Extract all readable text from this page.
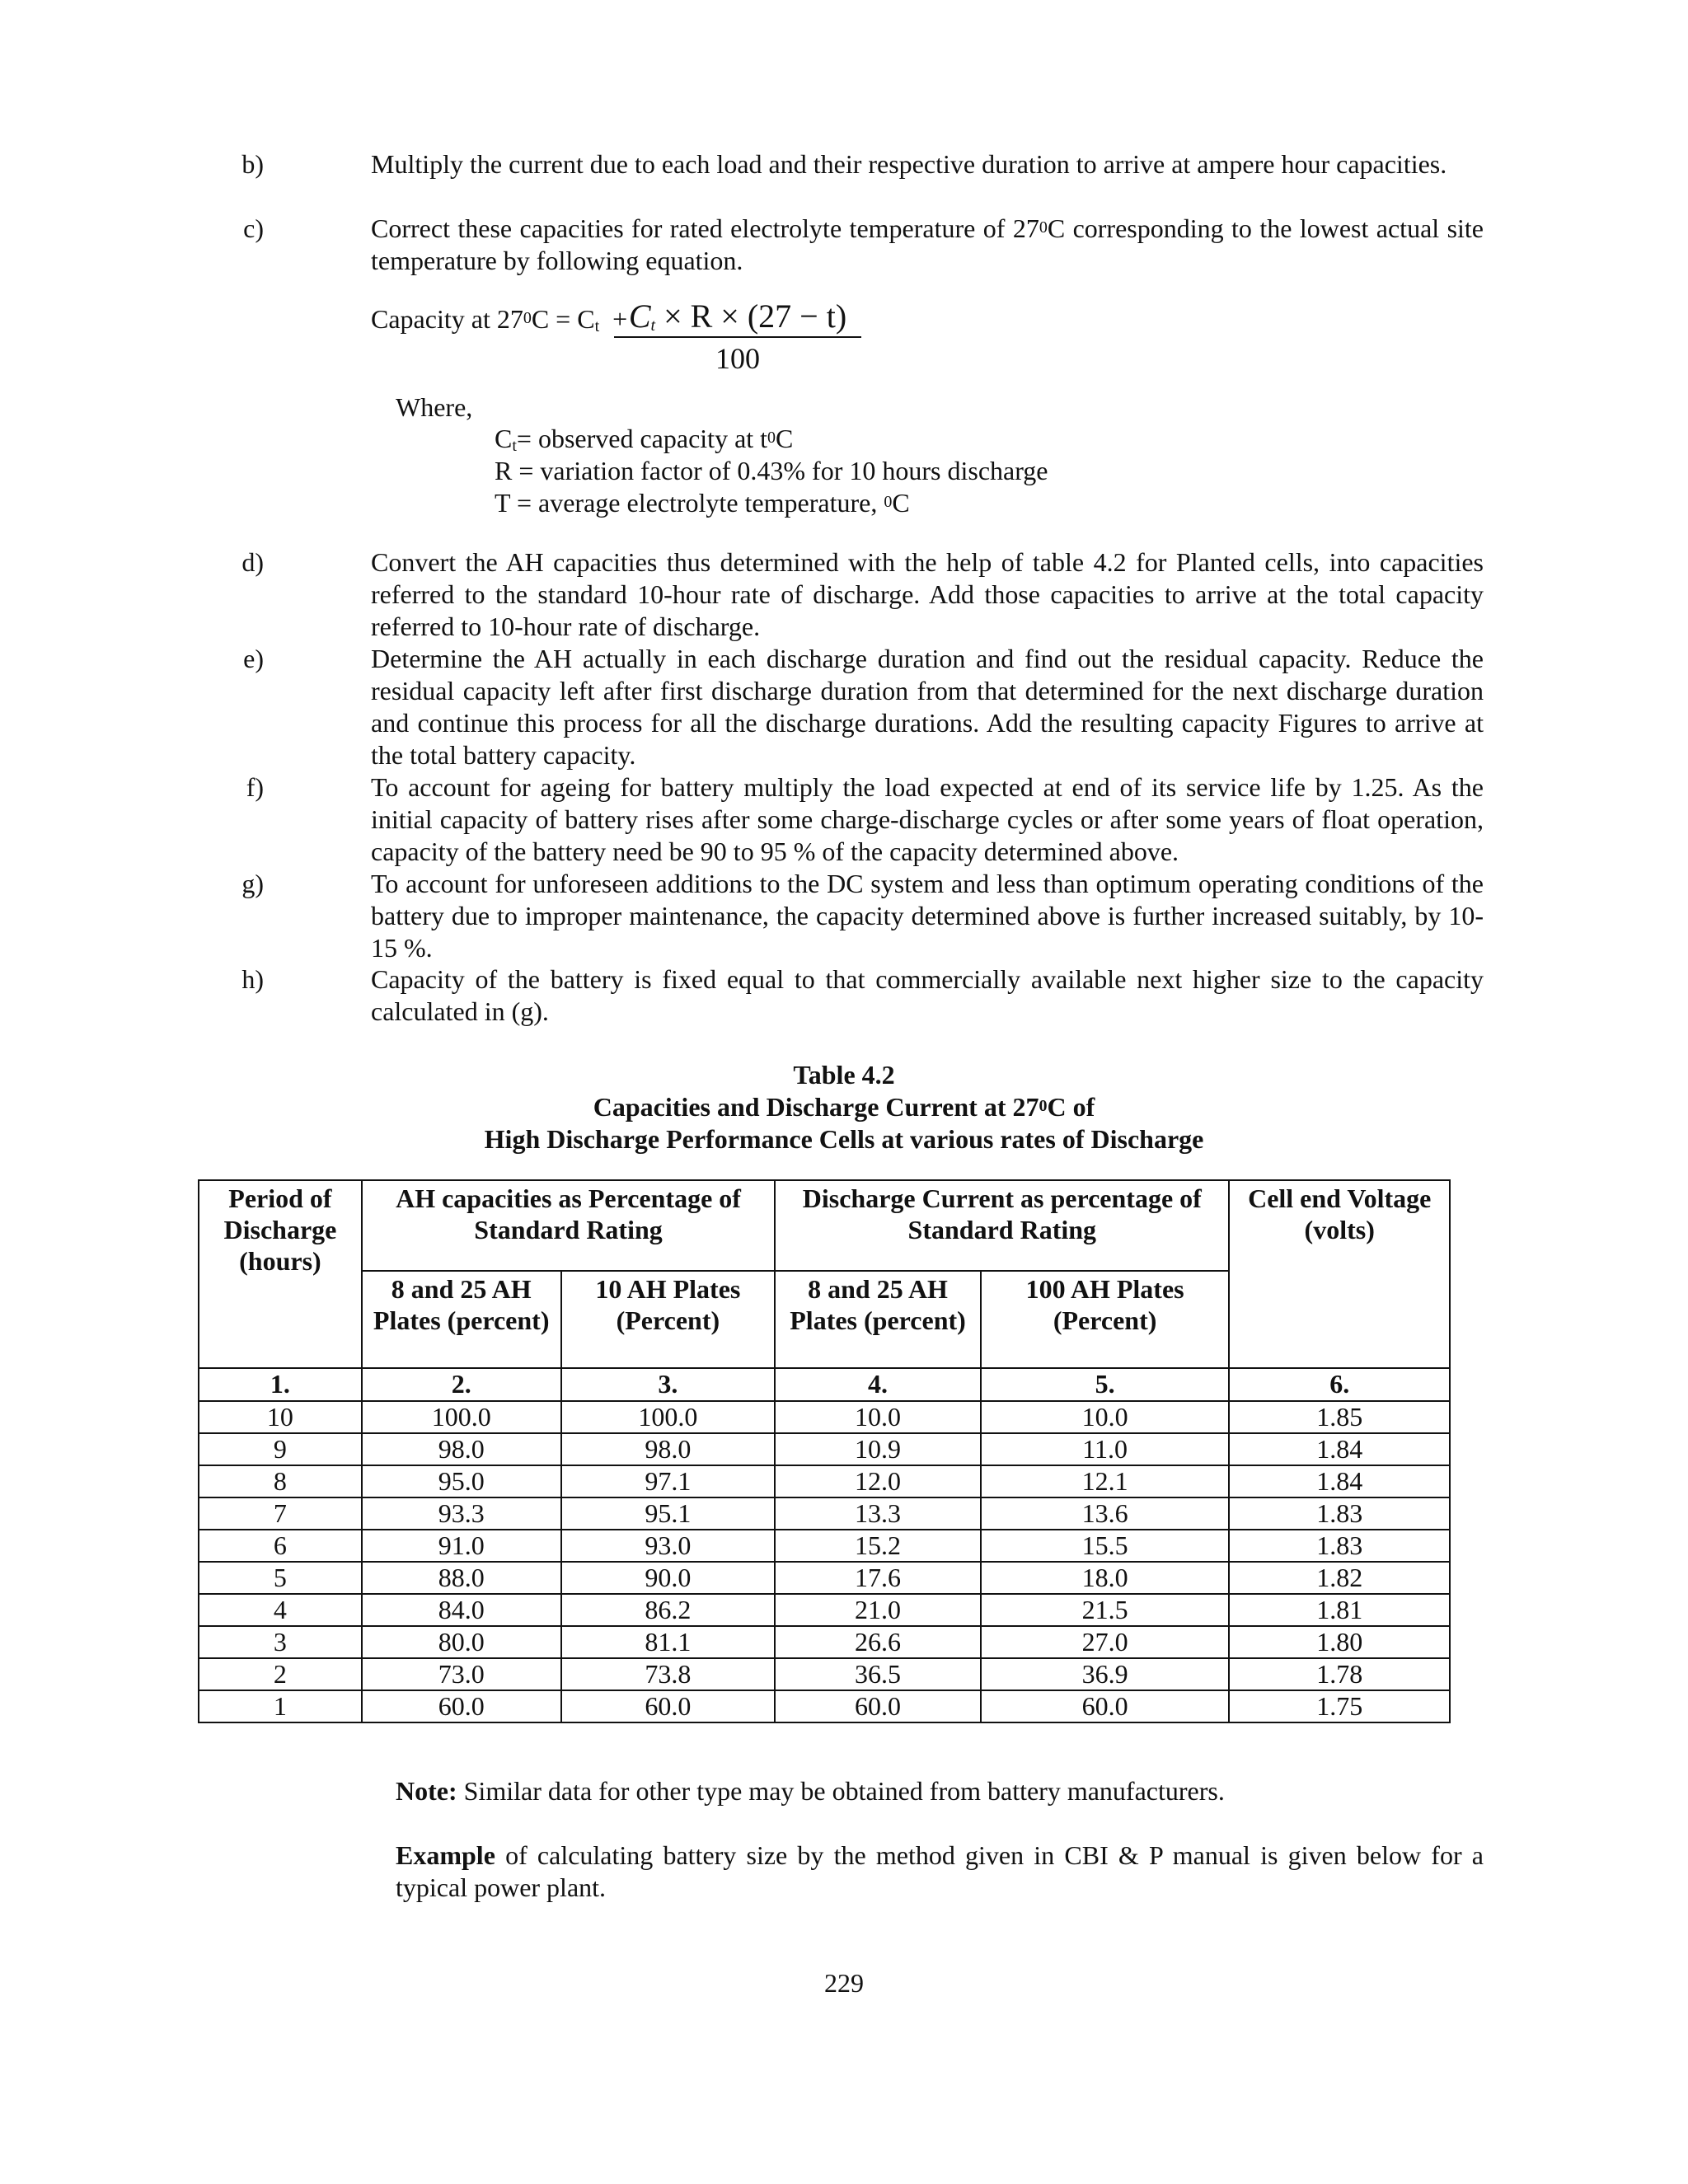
b)	Multiply the current due to each load and their respective duration to arrive at ampere hour capacities.
c)	Correct these capacities for rated electrolyte temperature of $27^0C$ corresponding to the lowest actual site temperature by following equation.
Capacity at $27^0C = C_t$ +
$\frac{C_t \times R \times (27 - t)}{100}$
Where,
$C_t=$ observed capacity at $t^0C$
R = variation factor of 0.43% for 10 hours discharge
T = average electrolyte temperature, $^0$C
d)	Convert the AH capacities thus determined with the help of table 4.2 for Planted cells, into capacities referred to the standard 10-hour rate of discharge. Add those capacities to arrive at the total capacity referred to 10-hour rate of discharge.
e)	Determine the AH actually in each discharge duration and find out the residual capacity. Reduce the residual capacity left after first discharge duration from that determined for the next discharge duration and continue this process for all the discharge durations. Add the resulting capacity Figures to arrive at the total battery capacity.
f)	To account for ageing for battery multiply the load expected at end of its service life by 1.25. As the initial capacity of battery rises after some charge-discharge cycles or after some years of float operation, capacity of the battery need be 90 to 95 % of the capacity determined above.
g)	To account for unforeseen additions to the DC system and less than optimum operating conditions of the battery due to improper maintenance, the capacity determined above is further increased suitably, by 10-15 %.
h)	Capacity of the battery is fixed equal to that commercially available next higher size to the capacity calculated in (g).
Table 4.2
Capacities and Discharge Current at $27^0C$ of
High Discharge Performance Cells at various rates of Discharge
Period of Discharge (hours)	AH capacities as Percentage of Standard Rating		Discharge Current as percentage of Standard Rating		Cell end Voltage (volts)
	8 and 25 AH Plates (percent)	10 AH Plates (Percent)	8 and 25 AH Plates (percent)	100 AH Plates (Percent)	
1.	2.	3.	4.	5.	6.
10	100.0	100.0	10.0	10.0	1.85
9	98.0	98.0	10.9	11.0	1.84
8	95.0	97.1	12.0	12.1	1.84
7	93.3	95.1	13.3	13.6	1.83
6	91.0	93.0	15.2	15.5	1.83
5	88.0	90.0	17.6	18.0	1.82
4	84.0	86.2	21.0	21.5	1.81
3	80.0	81.1	26.6	27.0	1.80
2	73.0	73.8	36.5	36.9	1.78
1	60.0	60.0	60.0	60.0	1.75
Note: Similar data for other type may be obtained from battery manufacturers.
Example of calculating battery size by the method given in CBI & P manual is given below for a typical power plant.
229
